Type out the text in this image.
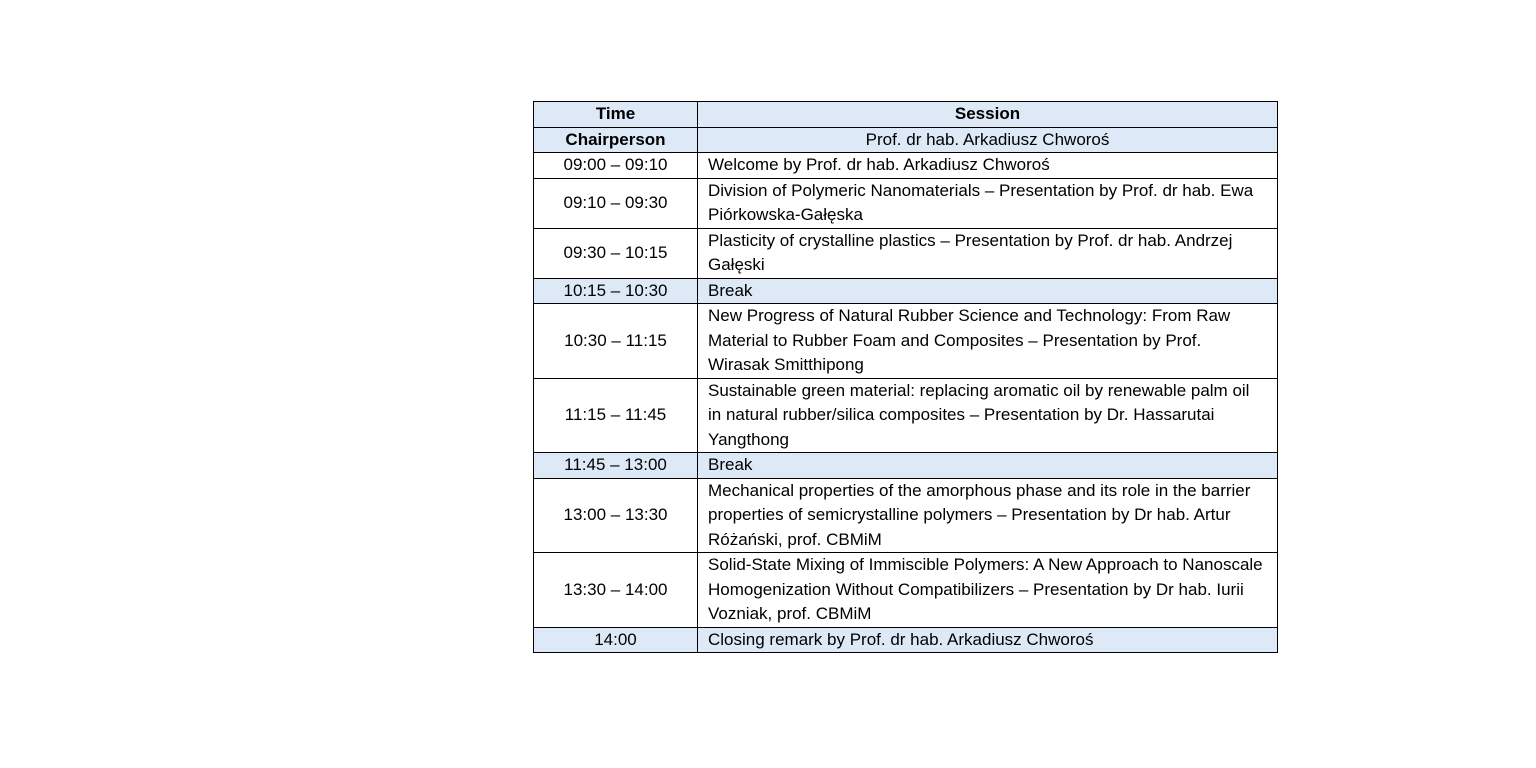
Time	Session
Chairperson	Prof. dr hab. Arkadiusz Chworoś
09:00 – 09:10	Welcome by Prof. dr hab. Arkadiusz Chworoś
09:10 – 09:30	Division of Polymeric Nanomaterials – Presentation by Prof. dr hab. Ewa Piórkowska-Gałęska
09:30 – 10:15	Plasticity of crystalline plastics – Presentation by Prof. dr hab. Andrzej Gałęski
10:15 – 10:30	Break
10:30 – 11:15	New Progress of Natural Rubber Science and Technology: From Raw Material to Rubber Foam and Composites – Presentation by Prof. Wirasak Smitthipong
11:15 – 11:45	Sustainable green material: replacing aromatic oil by renewable palm oil in natural rubber/silica composites – Presentation by Dr. Hassarutai Yangthong
11:45 – 13:00	Break
13:00 – 13:30	Mechanical properties of the amorphous phase and its role in the barrier properties of semicrystalline polymers – Presentation by Dr hab. Artur Różański, prof. CBMiM
13:30 – 14:00	Solid-State Mixing of Immiscible Polymers: A New Approach to Nanoscale Homogenization Without Compatibilizers – Presentation by Dr hab. Iurii Vozniak, prof. CBMiM
14:00	Closing remark by Prof. dr hab. Arkadiusz Chworoś
